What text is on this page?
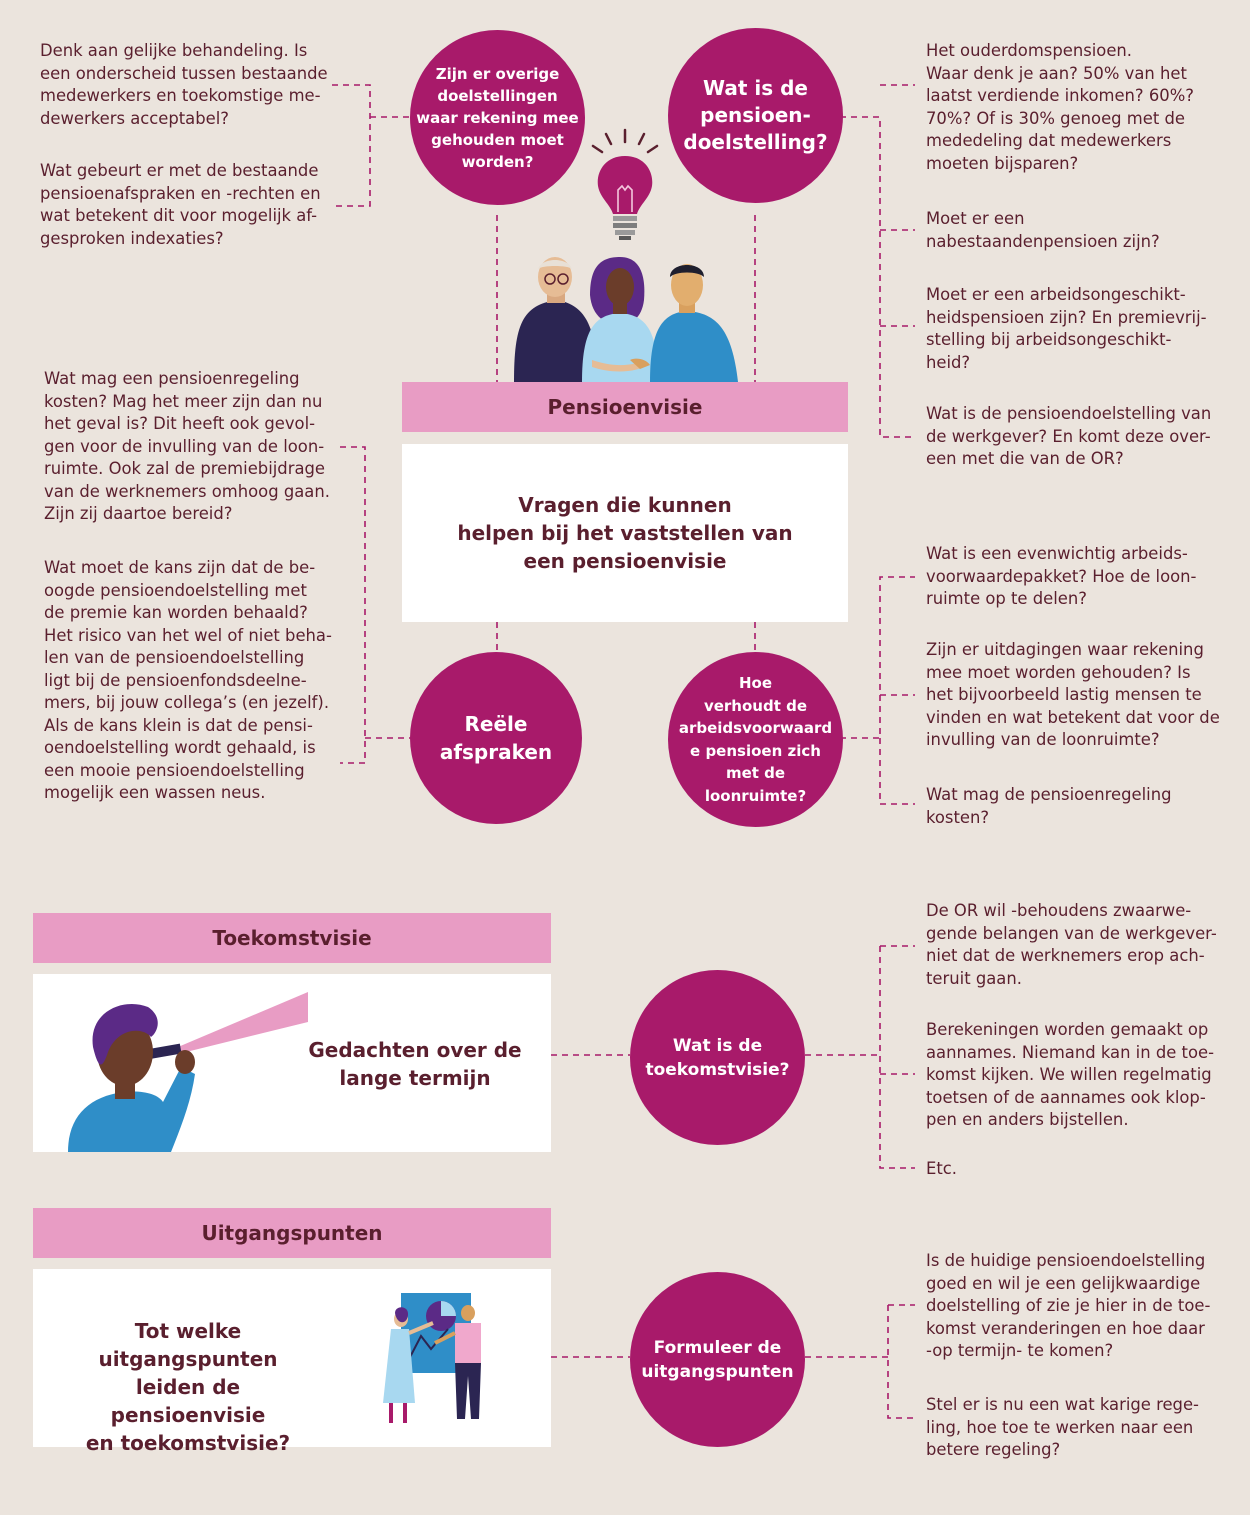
Denk aan gelijke behandeling. Is
een onderscheid tussen bestaande
medewerkers en toekomstige me-
dewerkers acceptabel?

Wat gebeurt er met de bestaande
pensioenafspraken en -rechten en
wat betekent dit voor mogelijk af-
gesproken indexaties?

Zijn er overige
doelstellingen
waar rekening mee
gehouden moet
worden?
Wat is de
pensioen-
doelstelling?

Het ouderdomspensioen.
Waar denk je aan? 50% van het
laatst verdiende inkomen? 60%?
70%? Of is 30% genoeg met de
mededeling dat medewerkers
moeten bijsparen?

Moet er een
nabestaandenpensioen zijn?

Moet er een arbeidsongeschikt-
heidspensioen zijn? En premievrij-
stelling bij arbeidsongeschikt-
heid?

Wat is de pensioendoelstelling van
de werkgever? En komt deze over-
een met die van de OR?

Pensioenvisie
Vragen die kunnen
helpen bij het vaststellen van
een pensioenvisie

Wat mag een pensioenregeling
kosten? Mag het meer zijn dan nu
het geval is? Dit heeft ook gevol-
gen voor de invulling van de loon-
ruimte. Ook zal de premiebijdrage
van de werknemers omhoog gaan.
Zijn zij daartoe bereid?

Wat moet de kans zijn dat de be-
oogde pensioendoelstelling met
de premie kan worden behaald?
Het risico van het wel of niet beha-
len van de pensioendoelstelling
ligt bij de pensioenfondsdeelne-
mers, bij jouw collega’s (en jezelf).
Als de kans klein is dat de pensi-
oendoelstelling wordt gehaald, is
een mooie pensioendoelstelling
mogelijk een wassen neus.

Reële
afspraken
Hoe
verhoudt de
arbeidsvoorwaard
e pensioen zich
met de
loonruimte?

Wat is een evenwichtig arbeids-
voorwaardepakket? Hoe de loon-
ruimte op te delen?

Zijn er uitdagingen waar rekening
mee moet worden gehouden? Is
het bijvoorbeeld lastig mensen te
vinden en wat betekent dat voor de
invulling van de loonruimte?

Wat mag de pensioenregeling
kosten?

Toekomstvisie
Gedachten over de
lange termijn
Wat is de
toekomstvisie?

De OR wil -behoudens zwaarwe-
gende belangen van de werkgever-
niet dat de werknemers erop ach-
teruit gaan.

Berekeningen worden gemaakt op
aannames. Niemand kan in de toe-
komst kijken. We willen regelmatig
toetsen of de aannames ook klop-
pen en anders bijstellen.

Etc.

Uitgangspunten
Tot welke uitgangspunten
leiden de pensioenvisie
en toekomstvisie?
Formuleer de
uitgangspunten

Is de huidige pensioendoelstelling
goed en wil je een gelijkwaardige
doelstelling of zie je hier in de toe-
komst veranderingen en hoe daar
-op termijn- te komen?

Stel er is nu een wat karige rege-
ling, hoe toe te werken naar een
betere regeling?
